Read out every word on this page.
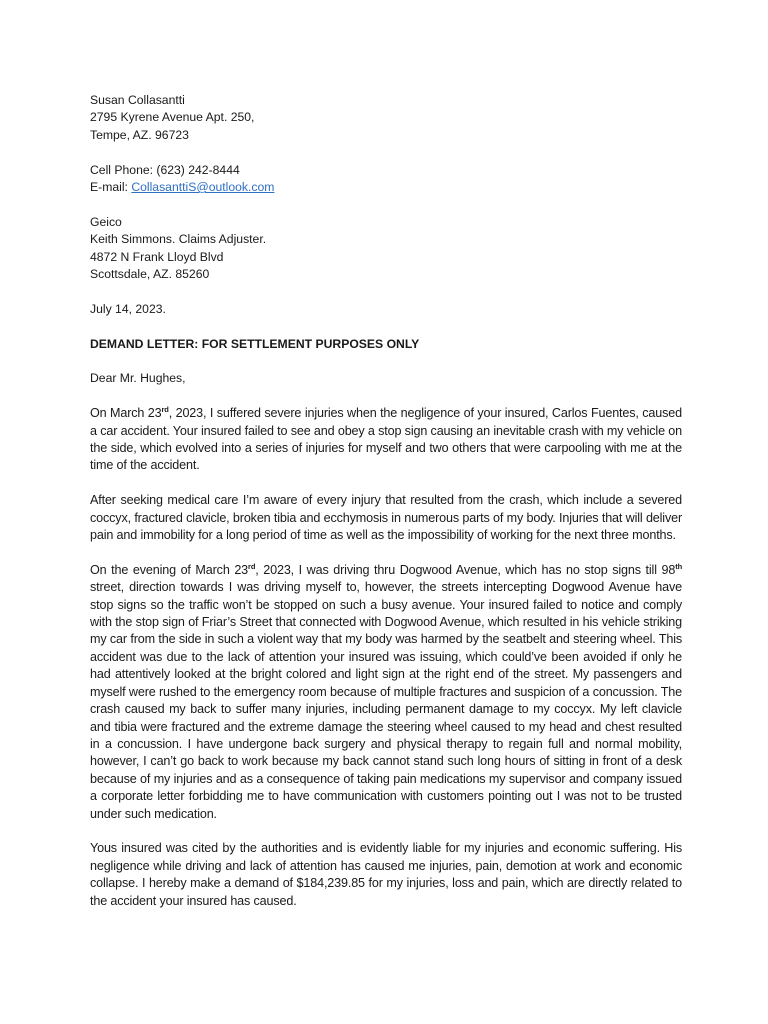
Susan Collasantti
2795 Kyrene Avenue Apt. 250,
Tempe, AZ. 96723
Cell Phone: (623) 242-8444
E-mail: CollasanttiS@outlook.com
Geico
Keith Simmons. Claims Adjuster.
4872 N Frank Lloyd Blvd
Scottsdale, AZ. 85260
July 14, 2023.
DEMAND LETTER: FOR SETTLEMENT PURPOSES ONLY
Dear Mr. Hughes,

On March 23rd, 2023, I suffered severe injuries when the negligence of your insured, Carlos Fuentes, caused a car accident. Your insured failed to see and obey a stop sign causing an inevitable crash with my vehicle on the side, which evolved into a series of injuries for myself and two others that were carpooling with me at the time of the accident.

After seeking medical care I’m aware of every injury that resulted from the crash, which include a severed coccyx, fractured clavicle, broken tibia and ecchymosis in numerous parts of my body. Injuries that will deliver pain and immobility for a long period of time as well as the impossibility of working for the next three months.

On the evening of March 23rd, 2023, I was driving thru Dogwood Avenue, which has no stop signs till 98th street, direction towards I was driving myself to, however, the streets intercepting Dogwood Avenue have stop signs so the traffic won’t be stopped on such a busy avenue. Your insured failed to notice and comply with the stop sign of Friar’s Street that connected with Dogwood Avenue, which resulted in his vehicle striking my car from the side in such a violent way that my body was harmed by the seatbelt and steering wheel. This accident was due to the lack of attention your insured was issuing, which could’ve been avoided if only he had attentively looked at the bright colored and light sign at the right end of the street. My passengers and myself were rushed to the emergency room because of multiple fractures and suspicion of a concussion. The crash caused my back to suffer many injuries, including permanent damage to my coccyx. My left clavicle and tibia were fractured and the extreme damage the steering wheel caused to my head and chest resulted in a concussion. I have undergone back surgery and physical therapy to regain full and normal mobility, however, I can’t go back to work because my back cannot stand such long hours of sitting in front of a desk because of my injuries and as a consequence of taking pain medications my supervisor and company issued a corporate letter forbidding me to have communication with customers pointing out I was not to be trusted under such medication.

Yous insured was cited by the authorities and is evidently liable for my injuries and economic suffering. His negligence while driving and lack of attention has caused me injuries, pain, demotion at work and economic collapse. I hereby make a demand of $184,239.85 for my injuries, loss and pain, which are directly related to the accident your insured has caused.
